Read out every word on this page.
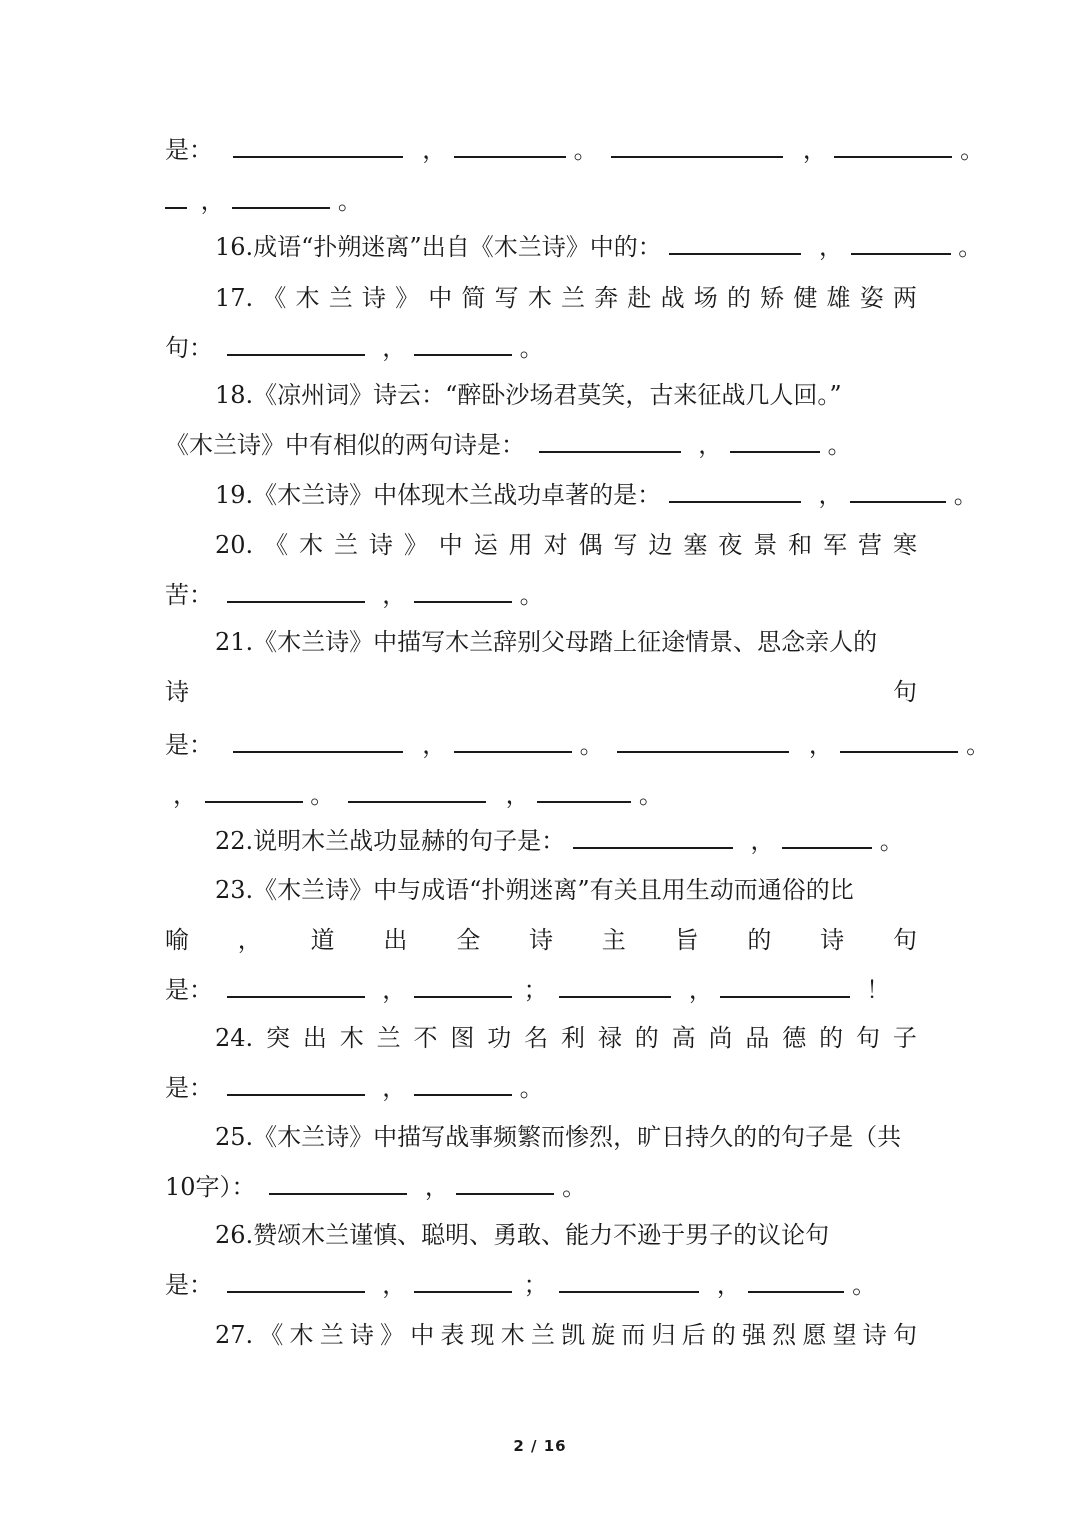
是：	，	。	，	。
，	。
16.成语“扑朔迷离”出自《木兰诗》中的：	，	。
17. 《 木 兰 诗 》 中 简 写 木 兰 奔 赴 战 场 的 矫 健 雄 姿 两
句：	，	。
18.《凉州词》诗云：“醉卧沙场君莫笑，古来征战几人回。”
《木兰诗》中有相似的两句诗是：	，	。
19.《木兰诗》中体现木兰战功卓著的是：	，	。
20. 《 木 兰 诗 》 中 运 用 对 偶 写 边 塞 夜 景 和 军 营 寒
苦：	，	。
21.《木兰诗》中描写木兰辞别父母踏上征途情景、思念亲人的
诗	句
是：	，	。	，	。
，	。	，	。
22.说明木兰战功显赫的句子是：	，	。
23.《木兰诗》中与成语“扑朔迷离”有关且用生动而通俗的比
喻 ， 道 出 全 诗 主 旨 的 诗 句
是：	，	；	，	！
24. 突 出 木 兰 不 图 功 名 利 禄 的 高 尚 品 德 的 句 子
是：	，	。
25.《木兰诗》中描写战事频繁而惨烈，旷日持久的的句子是（共
10字）：	，	。
26.赞颂木兰谨慎、聪明、勇敢、能力不逊于男子的议论句
是：	，	；	，	。
27. 《 木 兰 诗 》 中 表 现 木 兰 凯 旋 而 归 后 的 强 烈 愿 望 诗 句
2 / 16
